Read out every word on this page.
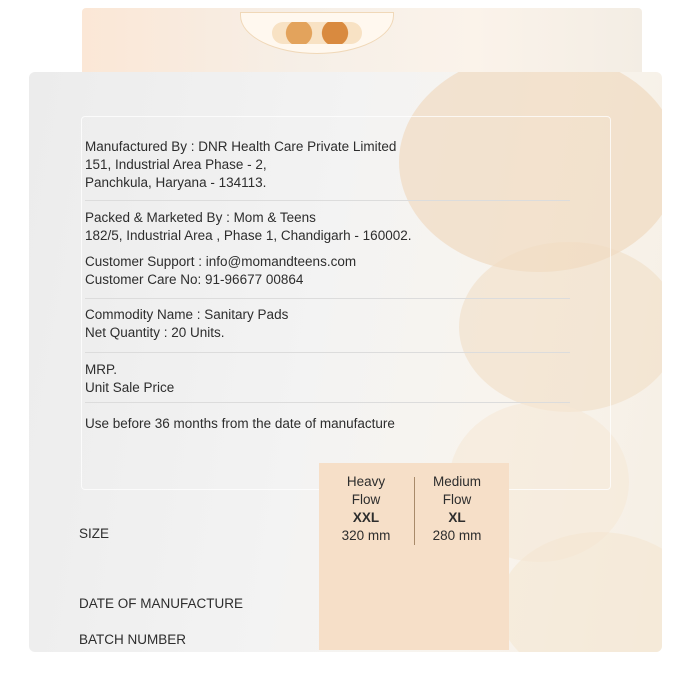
Manufactured By : DNR Health Care Private Limited
151, Industrial Area Phase - 2,
Panchkula, Haryana - 134113.
Packed & Marketed By : Mom & Teens
182/5, Industrial Area , Phase 1, Chandigarh - 160002.
Customer Support : info@momandteens.com
Customer Care No: 91-96677 00864
Commodity Name : Sanitary Pads
Net Quantity : 20 Units.
MRP.
Unit Sale Price
Use before 36 months from the date of manufacture
Heavy
Flow
XXL
320 mm
Medium
Flow
XL
280 mm
SIZE
DATE OF MANUFACTURE
BATCH NUMBER
